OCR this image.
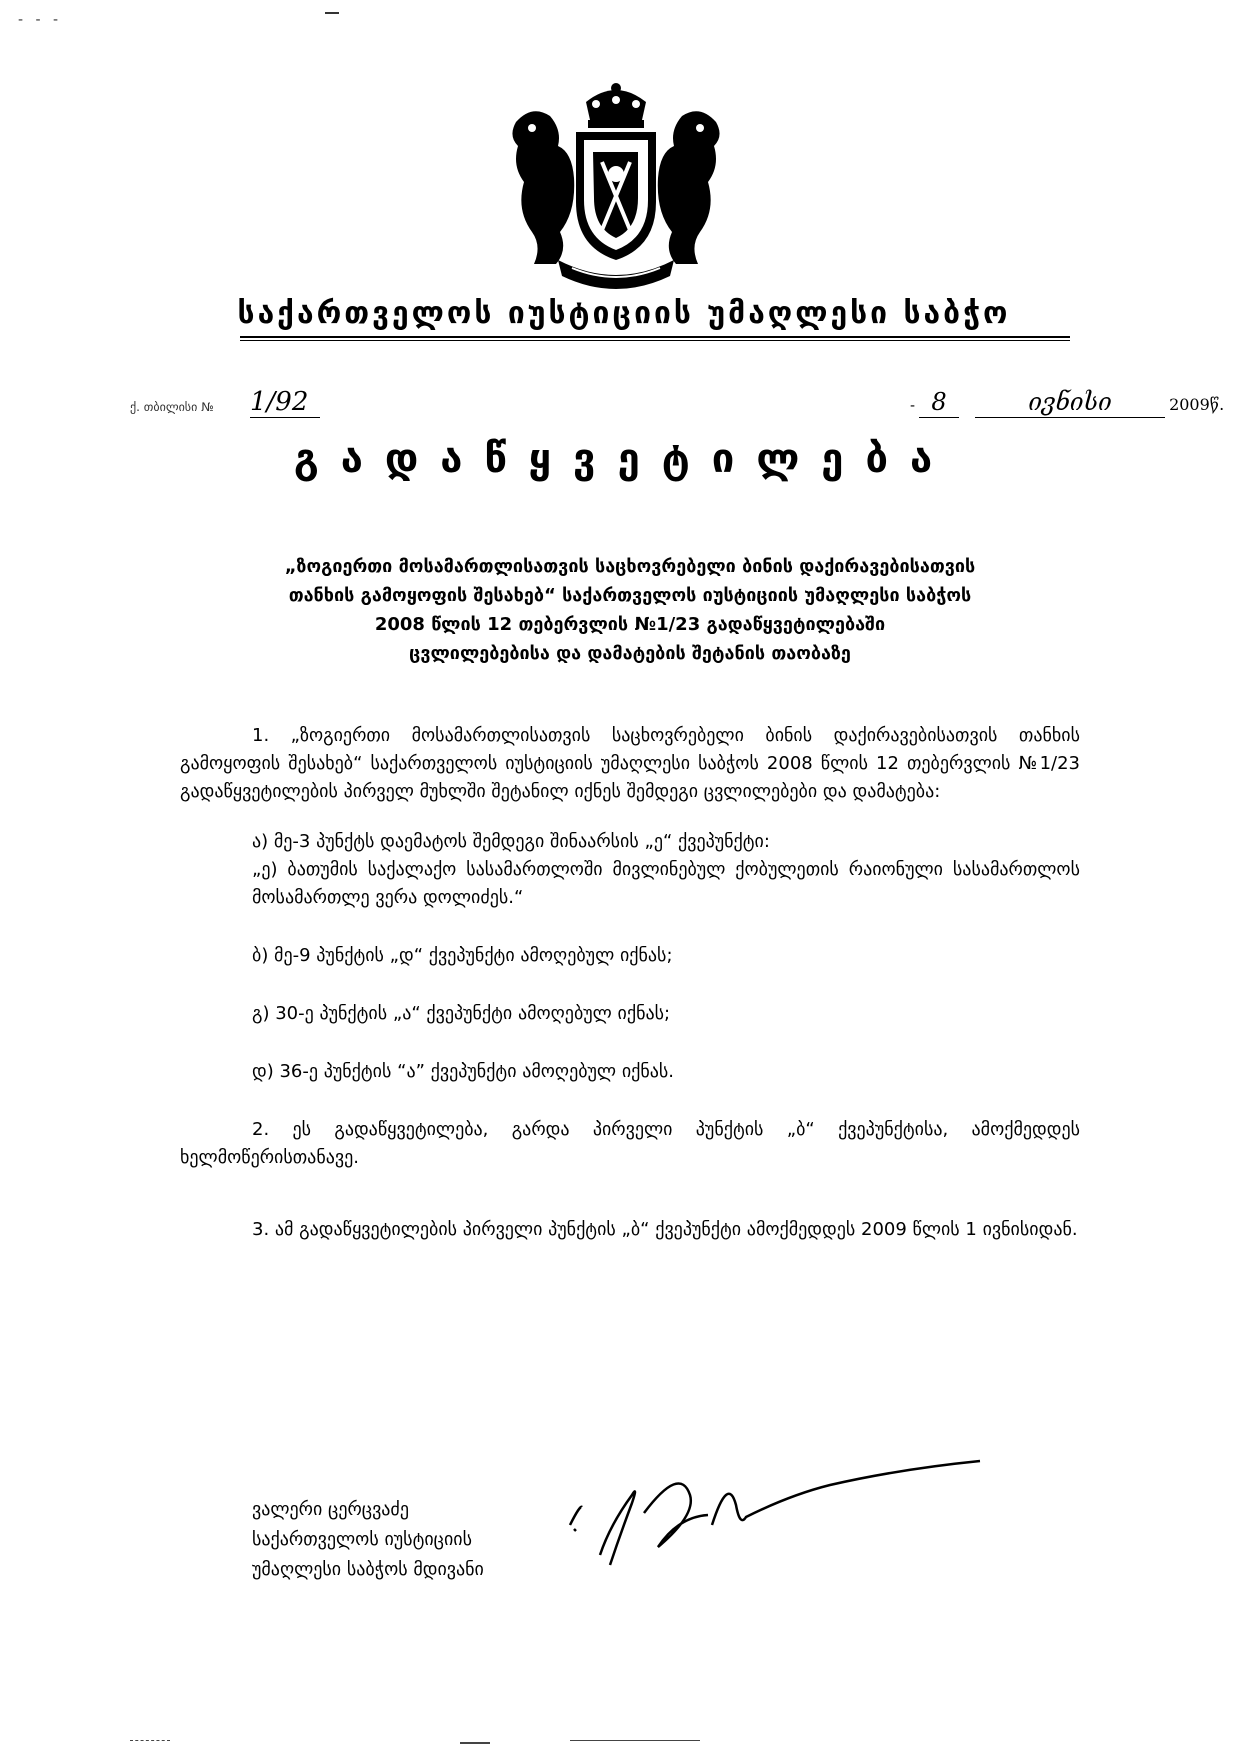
- - -
საქართველოს იუსტიციის უმაღლესი საბჭო
ქ. თბილისი № 1/92	- 8	ივნისი	2009წ.
გადაწყვეტილება
„ზოგიერთი მოსამართლისათვის საცხოვრებელი ბინის დაქირავებისათვის
თანხის გამოყოფის შესახებ“ საქართველოს იუსტიციის უმაღლესი საბჭოს
2008 წლის 12 თებერვლის №1/23 გადაწყვეტილებაში
ცვლილებებისა და დამატების შეტანის თაობაზე

1. „ზოგიერთი მოსამართლისათვის საცხოვრებელი ბინის დაქირავებისათვის თანხის გამოყოფის შესახებ“ საქართველოს იუსტიციის უმაღლესი საბჭოს 2008 წლის 12 თებერვლის №1/23 გადაწყვეტილების პირველ მუხლში შეტანილ იქნეს შემდეგი ცვლილებები და დამატება:

ა) მე-3 პუნქტს დაემატოს შემდეგი შინაარსის „ე“ ქვეპუნქტი:

„ე) ბათუმის საქალაქო სასამართლოში მივლინებულ ქობულეთის რაიონული სასამართლოს მოსამართლე ვერა დოლიძეს.“

ბ) მე-9 პუნქტის „დ“ ქვეპუნქტი ამოღებულ იქნას;

გ) 30-ე პუნქტის „ა“ ქვეპუნქტი ამოღებულ იქნას;

დ) 36-ე პუნქტის “ა” ქვეპუნქტი ამოღებულ იქნას.

2. ეს გადაწყვეტილება, გარდა პირველი პუნქტის „ბ“ ქვეპუნქტისა, ამოქმედდეს ხელმოწერისთანავე.

3. ამ გადაწყვეტილების პირველი პუნქტის „ბ“ ქვეპუნქტი ამოქმედდეს 2009 წლის 1 ივნისიდან.

ვალერი ცერცვაძე
საქართველოს იუსტიციის
უმაღლესი საბჭოს მდივანი
